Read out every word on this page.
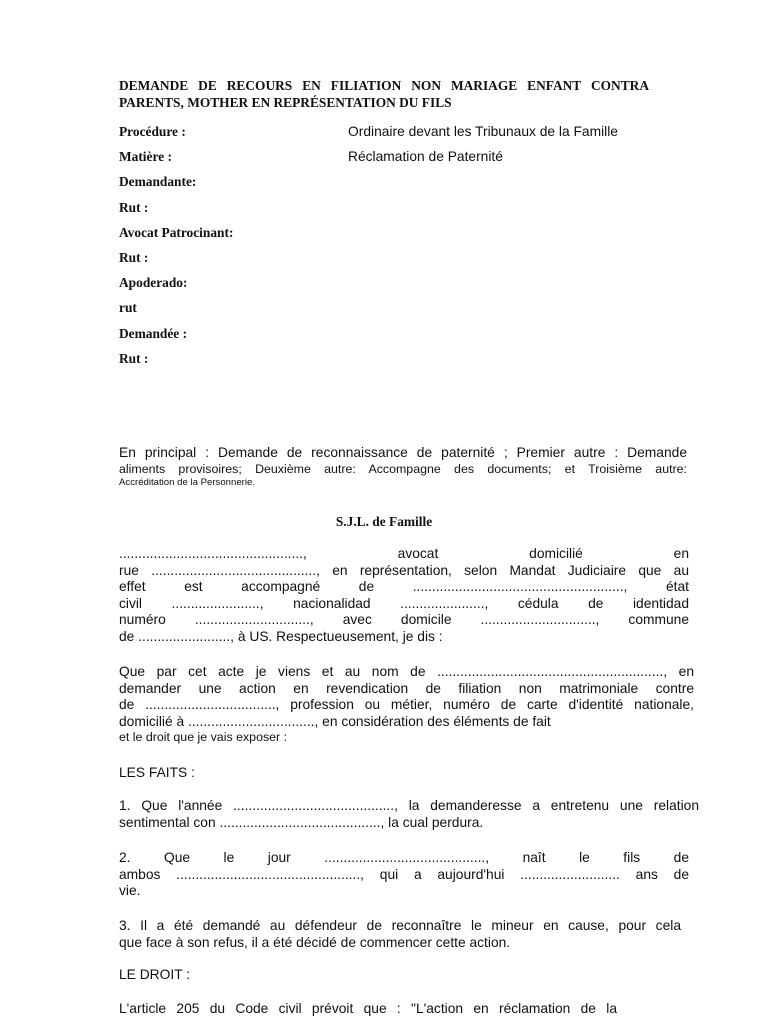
DEMANDE DE RECOURS EN FILIATION NON MARIAGE ENFANT CONTRA PARENTS, MOTHER EN REPRÉSENTATION DU FILS
Procédure :	Ordinaire devant les Tribunaux de la Famille
Matière :	Réclamation de Paternité
Demandante:
Rut :
Avocat Patrocinant:
Rut :
Apoderado:
rut
Demandée :
Rut :
En principal : Demande de reconnaissance de paternité ; Premier autre : Demande
aliments provisoires; Deuxième autre: Accompagne des documents; et Troisième autre:
Accréditation de la Personnerie.
S.J.L. de Famille
................................................, avocat domicilié en
rue ..........................................., en représentation, selon Mandat Judiciaire que au
effet est accompagné de ......................................................., état
civil ......................., nacionalidad ......................, cédula de identidad
numéro .............................., avec domicile .............................., commune
de ........................, à US. Respectueusement, je dis :
Que par cet acte je viens et au nom de ..........................................................., en
demander une action en revendication de filiation non matrimoniale contre
de .................................., profession ou métier, numéro de carte d'identité nationale,
domicilié à ................................., en considération des éléments de fait
et le droit que je vais exposer :
LES FAITS :
1. Que l'année .........................................., la demanderesse a entretenu une relation
sentimental con .........................................., la cual perdura.
2. Que le jour .........................................., naît le fils de
ambos ................................................, qui a aujourd'hui .......................... ans de
vie.
3. Il a été demandé au défendeur de reconnaître le mineur en cause, pour cela
que face à son refus, il a été décidé de commencer cette action.
LE DROIT :
L'article 205 du Code civil prévoit que : "L'action en réclamation de la
